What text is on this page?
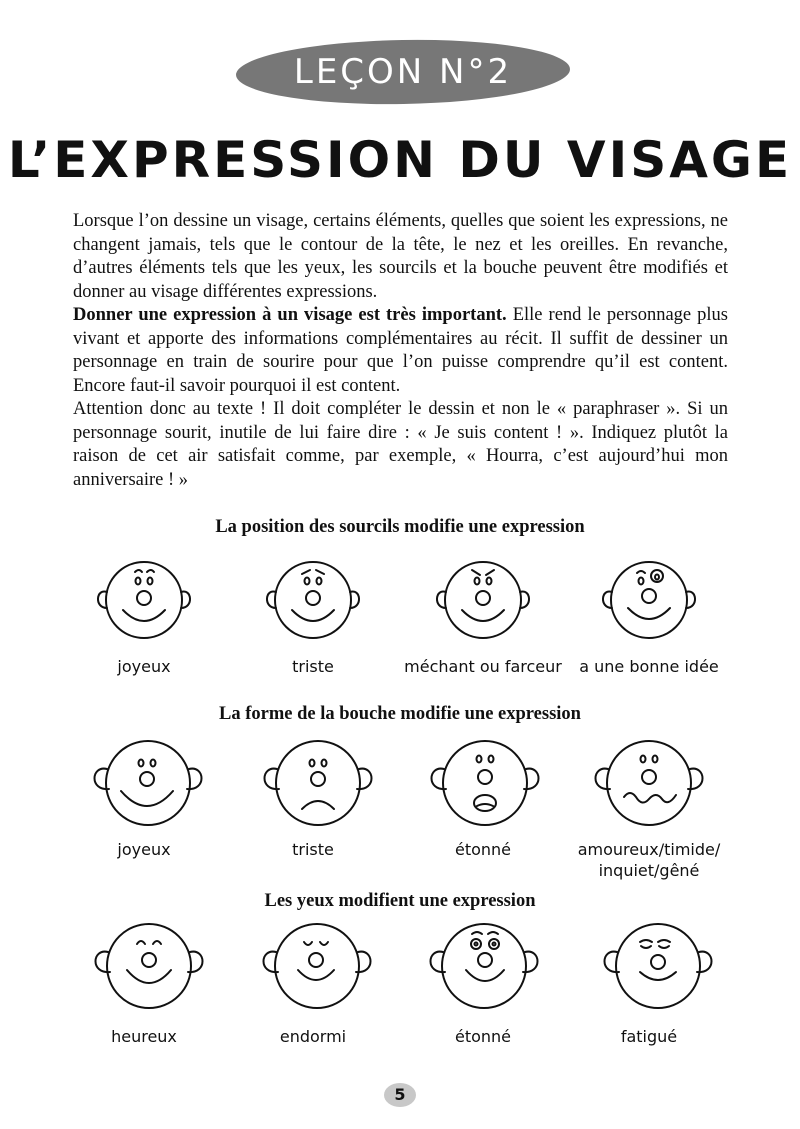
LEÇON N°2
L’EXPRESSION DU VISAGE

Lorsque l’on dessine un visage, certains éléments, quelles que soient les expressions, ne changent jamais, tels que le contour de la tête, le nez et les oreilles. En revanche, d’autres éléments tels que les yeux, les sourcils et la bouche peuvent être modifiés et donner au visage différentes expressions.

Donner une expression à un visage est très important. Elle rend le personnage plus vivant et apporte des informations complémentaires au récit. Il suffit de dessiner un personnage en train de sourire pour que l’on puisse comprendre qu’il est content. Encore faut-il savoir pourquoi il est content.

Attention donc au texte ! Il doit compléter le dessin et non le « paraphraser ». Si un personnage sourit, inutile de lui faire dire : « Je suis content ! ». Indiquez plutôt la raison de cet air satisfait comme, par exemple, « Hourra, c’est aujourd’hui mon anniversaire ! »

La position des sourcils modifie une expression
joyeux	triste	méchant ou farceur	a une bonne idée
La forme de la bouche modifie une expression
joyeux	triste	étonné	amoureux/timide/
inquiet/gêné
Les yeux modifient une expression
heureux	endormi	étonné	fatigué
5
